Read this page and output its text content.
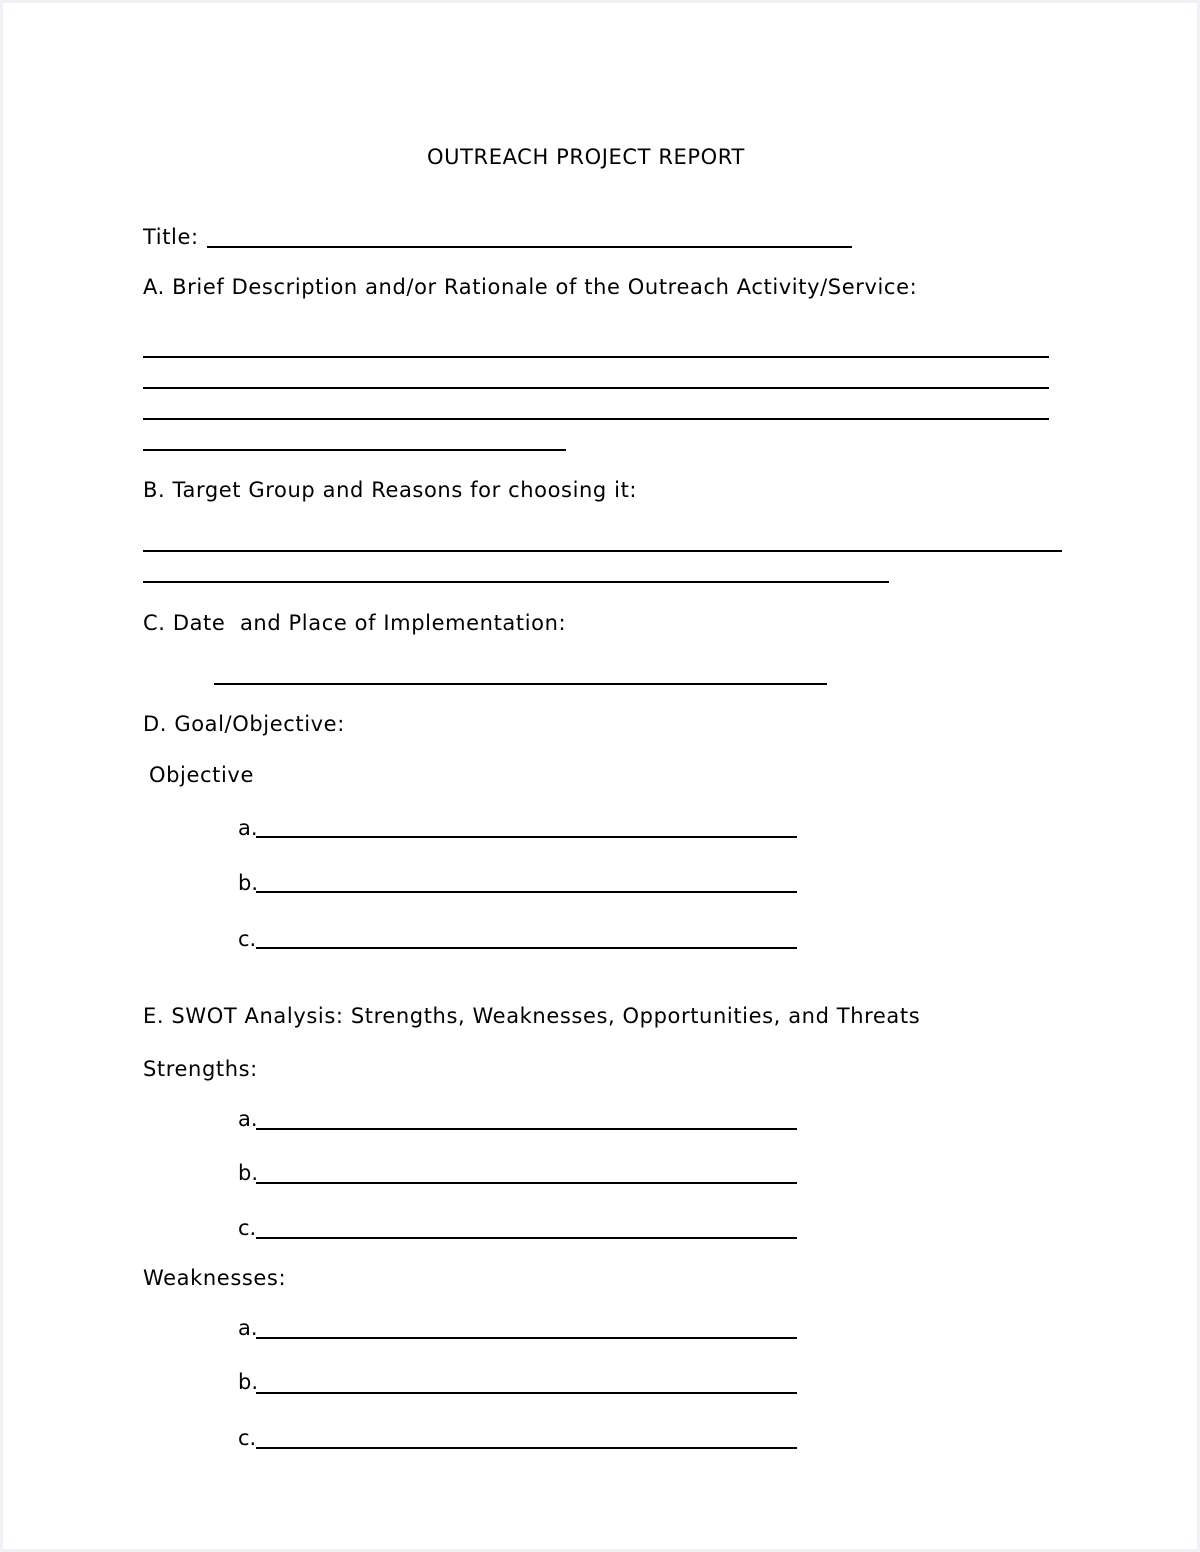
OUTREACH PROJECT REPORT
Title:
A. Brief Description and/or Rationale of the Outreach Activity/Service:
B. Target Group and Reasons for choosing it:
C. Date  and Place of Implementation:
D. Goal/Objective:
Objective
a.
b.
c.
E. SWOT Analysis: Strengths, Weaknesses, Opportunities, and Threats
Strengths:
a.
b.
c.
Weaknesses:
a.
b.
c.
